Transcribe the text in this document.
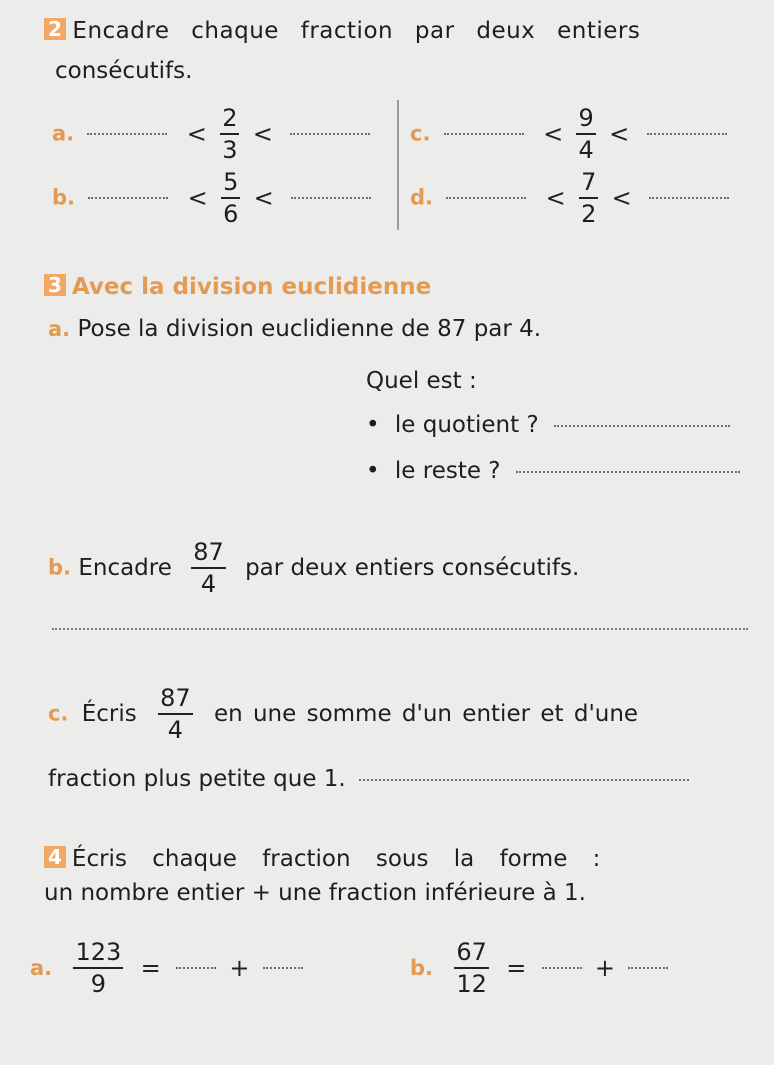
2 Encadre chaque fraction par deux entiers
consécutifs.
a.	< $\frac{2}{3}$ <
b.	< $\frac{5}{6}$ <
c.	< $\frac{9}{4}$ <
d.	< $\frac{7}{2}$ <
3 Avec la division euclidienne
a. Pose la division euclidienne de 87 par 4.
Quel est :
• le quotient ?
• le reste ?
b. Encadre $\frac{87}{4}$ par deux entiers consécutifs.
c. Écris $\frac{87}{4}$ en une somme d'un entier et d'une
fraction plus petite que 1.
4 Écris chaque fraction sous la forme :
un nombre entier + une fraction inférieure à 1.
a. $\frac{123}{9}$ =	+	b. $\frac{67}{12}$ =	+
